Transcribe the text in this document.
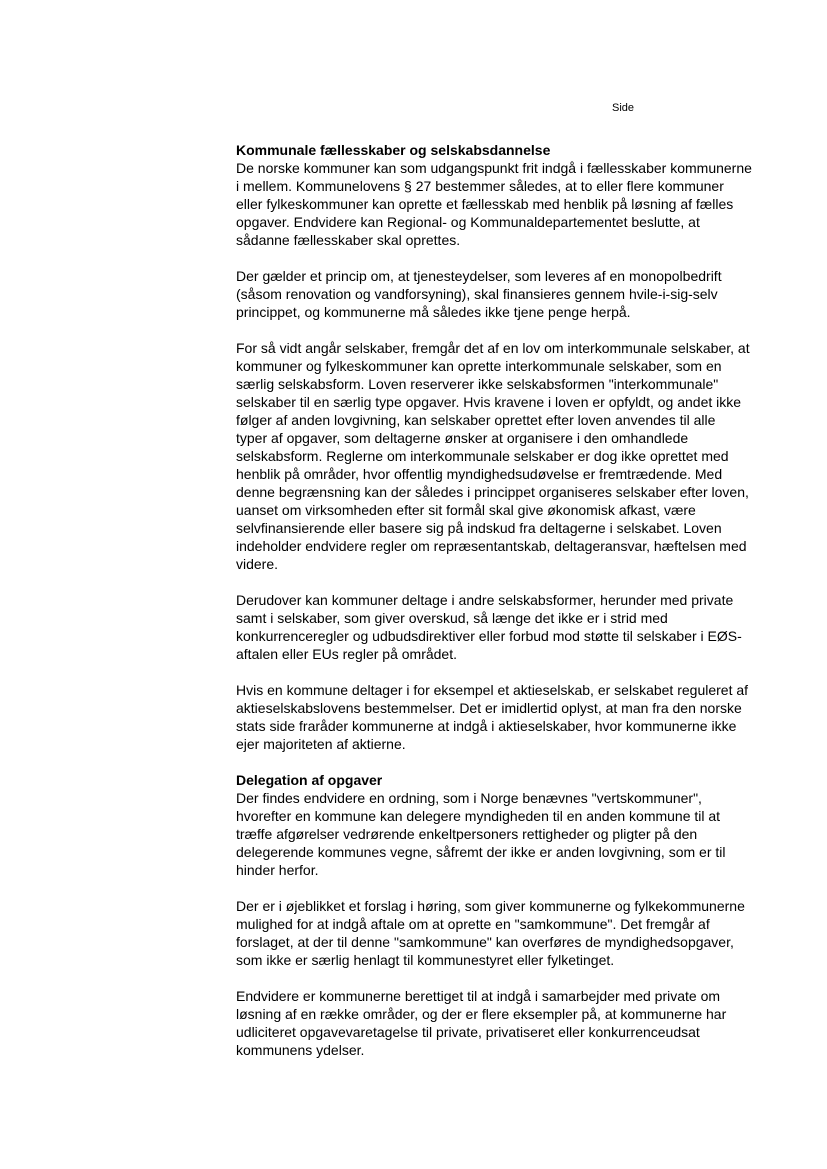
Side
Kommunale fællesskaber og selskabsdannelse

De norske kommuner kan som udgangspunkt frit indgå i fællesskaber kommunerne
i mellem. Kommunelovens § 27 bestemmer således, at to eller flere kommuner
eller fylkeskommuner kan oprette et fællesskab med henblik på løsning af fælles
opgaver. Endvidere kan Regional- og Kommunaldepartementet beslutte, at
sådanne fællesskaber skal oprettes.

Der gælder et princip om, at tjenesteydelser, som leveres af en monopolbedrift
(såsom renovation og vandforsyning), skal finansieres gennem hvile-i-sig-selv
princippet, og kommunerne må således ikke tjene penge herpå.

For så vidt angår selskaber, fremgår det af en lov om interkommunale selskaber, at
kommuner og fylkeskommuner kan oprette interkommunale selskaber, som en
særlig selskabsform. Loven reserverer ikke selskabsformen "interkommunale"
selskaber til en særlig type opgaver. Hvis kravene i loven er opfyldt, og andet ikke
følger af anden lovgivning, kan selskaber oprettet efter loven anvendes til alle
typer af opgaver, som deltagerne ønsker at organisere i den omhandlede
selskabsform. Reglerne om interkommunale selskaber er dog ikke oprettet med
henblik på områder, hvor offentlig myndighedsudøvelse er fremtrædende. Med
denne begrænsning kan der således i princippet organiseres selskaber efter loven,
uanset om virksomheden efter sit formål skal give økonomisk afkast, være
selvfinansierende eller basere sig på indskud fra deltagerne i selskabet. Loven
indeholder endvidere regler om repræsentantskab, deltageransvar, hæftelsen med
videre.

Derudover kan kommuner deltage i andre selskabsformer, herunder med private
samt i selskaber, som giver overskud, så længe det ikke er i strid med
konkurrenceregler og udbudsdirektiver eller forbud mod støtte til selskaber i EØS-
aftalen eller EUs regler på området.

Hvis en kommune deltager i for eksempel et aktieselskab, er selskabet reguleret af
aktieselskabslovens bestemmelser. Det er imidlertid oplyst, at man fra den norske
stats side fraråder kommunerne at indgå i aktieselskaber, hvor kommunerne ikke
ejer majoriteten af aktierne.

Delegation af opgaver

Der findes endvidere en ordning, som i Norge benævnes "vertskommuner",
hvorefter en kommune kan delegere myndigheden til en anden kommune til at
træffe afgørelser vedrørende enkeltpersoners rettigheder og pligter på den
delegerende kommunes vegne, såfremt der ikke er anden lovgivning, som er til
hinder herfor.

Der er i øjeblikket et forslag i høring, som giver kommunerne og fylkekommunerne
mulighed for at indgå aftale om at oprette en "samkommune". Det fremgår af
forslaget, at der til denne "samkommune" kan overføres de myndighedsopgaver,
som ikke er særlig henlagt til kommunestyret eller fylketinget.

Endvidere er kommunerne berettiget til at indgå i samarbejder med private om
løsning af en række områder, og der er flere eksempler på, at kommunerne har
udliciteret opgavevaretagelse til private, privatiseret eller konkurrenceudsat
kommunens ydelser.
